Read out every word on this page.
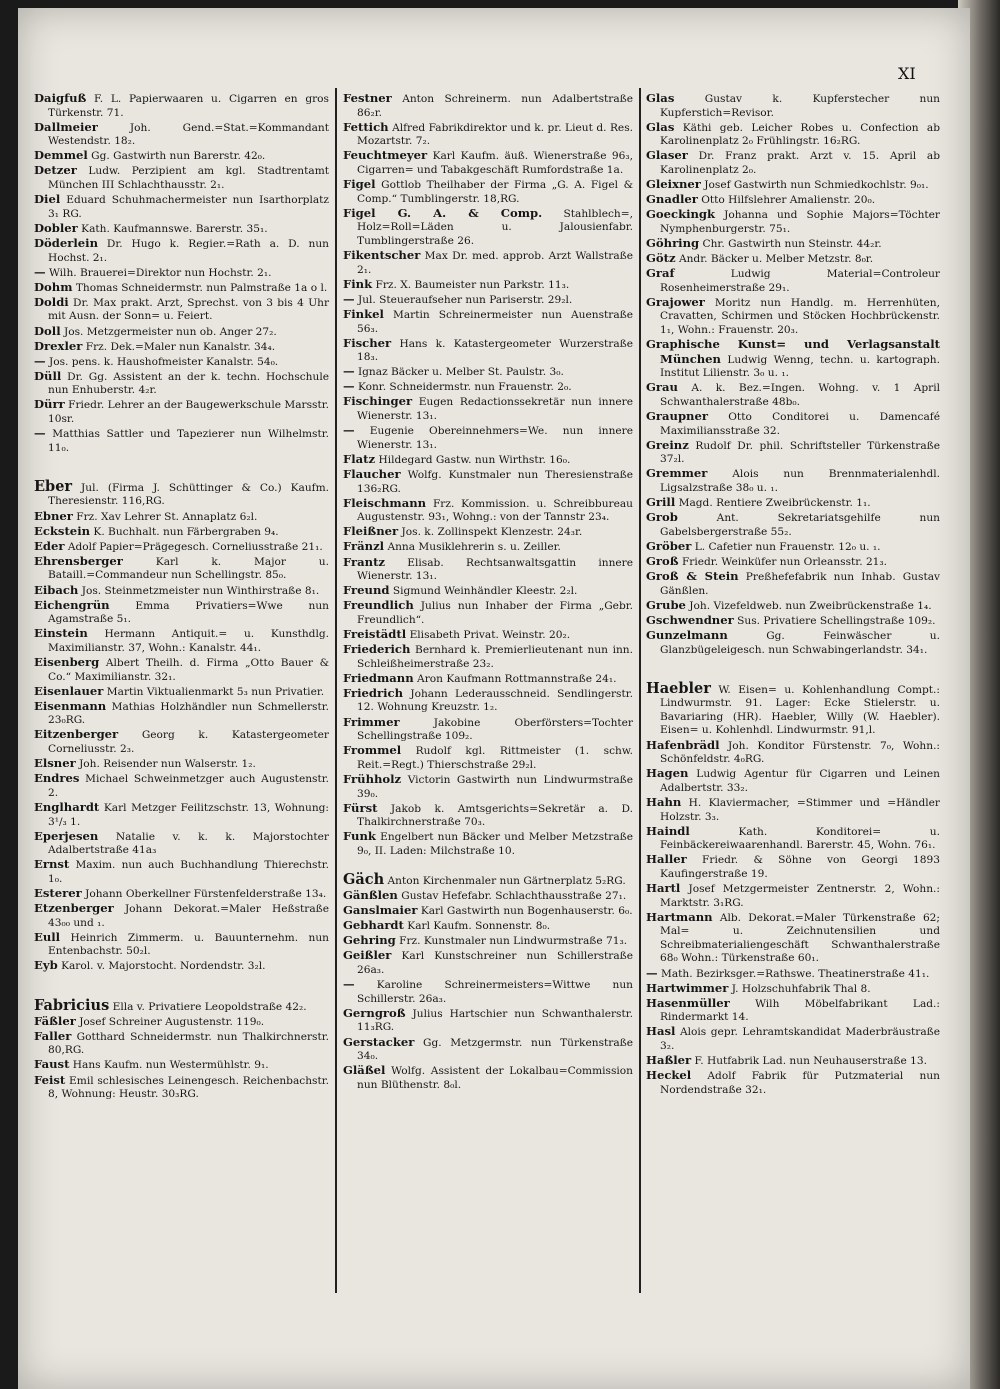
XI
Daigfuß F. L. Papierwaaren u. Cigarren en gros Türkenstr. 71.
Dallmeier	Joh. Gend.=Stat.=Kommandant Westendstr. 18₂.
Demmel Gg. Gastwirth nun Barerstr. 42₀.
Detzer Ludw. Perzipient am kgl. Stadtrentamt München III Schlachthausstr. 2₁.
Diel Eduard Schuhmachermeister nun Isarthorplatz 3₁ RG.
Dobler Kath. Kaufmannswe. Barerstr. 35₁.
Döderlein Dr. Hugo k. Regier.=Rath a. D. nun Hochst. 2₁.
— Wilh. Brauerei=Direktor nun Hochstr. 2₁.
Dohm Thomas Schneidermstr. nun Palmstraße 1a o l.
Doldi Dr. Max prakt. Arzt, Sprechst. von 3 bis 4 Uhr mit Ausn. der Sonn= u. Feiert.
Doll Jos. Metzgermeister nun ob. Anger 27₂.
Drexler Frz. Dek.=Maler nun Kanalstr. 34₄.
— Jos. pens. k. Haushofmeister Kanalstr. 54₀.
Düll Dr. Gg. Assistent an der k. techn. Hochschule nun Enhuberstr. 4₂r.
Dürr Friedr. Lehrer an der Baugewerkschule Marsstr. 10sr.
— Matthias Sattler und Tapezierer nun Wilhelmstr. 11₀.
Eber Jul. (Firma J. Schüttinger & Co.) Kaufm. Theresienstr. 116,RG.
Ebner Frz. Xav Lehrer St. Annaplatz 6₂l.
Eckstein K. Buchhalt. nun Färbergraben 9₄.
Eder Adolf Papier=Prägegesch. Corneliusstraße 21₁.
Ehrensberger	Karl k. Major u. Bataill.=Commandeur nun Schellingstr. 85₀.
Eibach Jos. Steinmetzmeister nun Winthirstraße 8₁.
Eichengrün Emma Privatiers=Wwe nun Agamstraße 5₁.
Einstein Hermann Antiquit.= u. Kunsthdlg. Maximilianstr. 37, Wohn.: Kanalstr. 44₁.
Eisenberg Albert Theilh. d. Firma „Otto Bauer & Co.“ Maximilianstr. 32₁.
Eisenlauer Martin Viktualienmarkt 5₃ nun Privatier.
Eisenmann Mathias Holzhändler nun Schmellerstr. 23₀RG.
Eitzenberger Georg k. Katastergeometer Corneliusstr. 2₃.
Elsner Joh. Reisender nun Walserstr. 1₂.
Endres Michael Schweinmetzger auch Augustenstr. 2.
Englhardt Karl Metzger Feilitzschstr. 13, Wohnung: 3¹/₃ 1.
Eperjesen Natalie v. k. k. Majorstochter Adalbertstraße 41a₃
Ernst Maxim. nun auch Buchhandlung Thierechstr. 1₀.
Esterer Johann Oberkellner Fürstenfelderstraße 13₄.
Etzenberger Johann Dekorat.=Maler Heßstraße 43₀₀ und ₁.
Eull Heinrich Zimmerm. u. Bauunternehm. nun Entenbachstr. 50₂l.
Eyb Karol. v. Majorstocht. Nordendstr. 3₂l.
Fabricius Ella v. Privatiere Leopoldstraße 42₂.
Fäßler Josef Schreiner Augustenstr. 119₀.
Faller Gotthard Schneidermstr. nun Thalkirchnerstr. 80,RG.
Faust Hans Kaufm. nun Westermühlstr. 9₁.
Feist Emil schlesisches Leinengesch. Reichenbachstr. 8, Wohnung: Heustr. 30₃RG.
Festner Anton Schreinerm. nun Adalbertstraße 86₂r.
Fettich Alfred Fabrikdirektor und k. pr. Lieut d. Res. Mozartstr. 7₂.
Feuchtmeyer Karl Kaufm. äuß. Wienerstraße 96₃, Cigarren= und Tabakgeschäft Rumfordstraße 1a.
Figel Gottlob Theilhaber der Firma „G. A. Figel & Comp.“ Tumblingerstr. 18,RG.
Figel G. A. & Comp. Stahlblech=, Holz=Roll=Läden u. Jalousienfabr. Tumblingerstraße 26.
Fikentscher Max Dr. med. approb. Arzt Wallstraße 2₁.
Fink Frz. X. Baumeister nun Parkstr. 11₃.
— Jul. Steueraufseher nun Pariserstr. 29₂l.
Finkel Martin Schreinermeister nun Auenstraße 56₃.
Fischer Hans k. Katastergeometer Wurzerstraße 18₃.
— Ignaz Bäcker u. Melber St. Paulstr. 3₀.
— Konr. Schneidermstr. nun Frauenstr. 2₀.
Fischinger Eugen Redactionssekretär nun innere Wienerstr. 13₁.
— Eugenie Obereinnehmers=We. nun innere Wienerstr. 13₁.
Flatz Hildegard Gastw. nun Wirthstr. 16₀.
Flaucher Wolfg. Kunstmaler nun Theresienstraße 136₂RG.
Fleischmann Frz. Kommission. u. Schreibbureau Augustenstr. 93₁, Wohng.: von der Tannstr 23₄.
Fleißner Jos. k. Zollinspekt Klenzestr. 24₃r.
Fränzl Anna Musiklehrerin s. u. Zeiller.
Frantz Elisab. Rechtsanwaltsgattin innere Wienerstr. 13₁.
Freund Sigmund Weinhändler Kleestr. 2₂l.
Freundlich Julius nun Inhaber der Firma „Gebr. Freundlich“.
Freistädtl Elisabeth Privat. Weinstr. 20₂.
Friederich Bernhard k. Premierlieutenant nun inn. Schleißheimerstraße 23₂.
Friedmann Aron Kaufmann Rottmannstraße 24₁.
Friedrich Johann Lederausschneid. Sendlingerstr. 12. Wohnung Kreuzstr. 1₂.
Frimmer	Jakobine Oberförsters=Tochter Schellingstraße 109₂.
Frommel Rudolf kgl. Rittmeister (1. schw. Reit.=Regt.) Thierschstraße 29₂l.
Frühholz Victorin Gastwirth nun Lindwurmstraße 39₀.
Fürst Jakob k. Amtsgerichts=Sekretär a. D. Thalkirchnerstraße 70₃.
Funk Engelbert nun Bäcker und Melber Metzstraße 9₀, II. Laden: Milchstraße 10.
Gäch Anton Kirchenmaler nun Gärtnerplatz 5₂RG.
Gänßlen Gustav Hefefabr. Schlachthausstraße 27₁.
Ganslmaier Karl Gastwirth nun Bogenhauserstr. 6₀.
Gebhardt Karl Kaufm. Sonnenstr. 8₀.
Gehring Frz. Kunstmaler nun Lindwurmstraße 71₃.
Geißler Karl Kunstschreiner nun Schillerstraße 26a₃.
— Karoline Schreinermeisters=Wittwe nun Schillerstr. 26a₃.
Gerngroß Julius Hartschier nun Schwanthalerstr. 11₃RG.
Gerstacker Gg. Metzgermstr. nun Türkenstraße 34₀.
Gläßel Wolfg. Assistent der Lokalbau=Commission nun Blüthenstr. 8₀l.
Glas	Gustav k. Kupferstecher nun Kupferstich=Revisor.
Glas Käthi geb. Leicher Robes u. Confection ab Karolinenplatz 2₀ Frühlingstr. 16₂RG.
Glaser Dr. Franz prakt. Arzt v. 15. April ab Karolinenplatz 2₀.
Gleixner Josef Gastwirth nun Schmiedkochlstr. 9₀₁.
Gnadler Otto Hilfslehrer Amalienstr. 20₀.
Goeckingk Johanna und Sophie Majors=Töchter Nymphenburgerstr. 75₁.
Göhring Chr. Gastwirth nun Steinstr. 44₂r.
Götz Andr. Bäcker u. Melber Metzstr. 8₀r.
Graf	Ludwig Material=Controleur Rosenheimerstraße 29₁.
Grajower Moritz nun Handlg. m. Herrenhüten, Cravatten, Schirmen und Stöcken Hochbrückenstr. 1₁, Wohn.: Frauenstr. 20₃.
Graphische Kunst= und Verlagsanstalt München Ludwig Wenng, techn. u. kartograph. Institut Lilienstr. 3₀ u. ₁.
Grau A. k. Bez.=Ingen. Wohng. v. 1 April Schwanthalerstraße 48b₀.
Graupner Otto Conditorei u. Damencafé Maximiliansstraße 32.
Greinz Rudolf Dr. phil. Schriftsteller Türkenstraße 37₂l.
Gremmer Alois nun Brennmaterialenhdl. Ligsalzstraße 38₀ u. ₁.
Grill Magd. Rentiere Zweibrückenstr. 1₁.
Grob	Ant. Sekretariatsgehilfe nun Gabelsbergerstraße 55₂.
Gröber L. Cafetier nun Frauenstr. 12₀ u. ₁.
Groß Friedr. Weinküfer nun Orleansstr. 21₃.
Groß & Stein Preßhefefabrik nun Inhab. Gustav Gänßlen.
Grube Joh. Vizefeldweb. nun Zweibrückenstraße 1₄.
Gschwendner Sus. Privatiere Schellingstraße 109₂.
Gunzelmann	Gg. Feinwäscher u. Glanzbügeleigesch. nun Schwabingerlandstr. 34₁.
Haebler W. Eisen= u. Kohlenhandlung Compt.: Lindwurmstr. 91. Lager: Ecke Stielerstr. u. Bavariaring (HR). Haebler, Willy (W. Haebler). Eisen= u. Kohlenhdl. Lindwurmstr. 91,l.
Hafenbrädl Joh. Konditor Fürstenstr. 7₀, Wohn.: Schönfeldstr. 4₀RG.
Hagen Ludwig Agentur für Cigarren und Leinen Adalbertstr. 33₂.
Hahn H. Klaviermacher, =Stimmer und =Händler Holzstr. 3₃.
Haindl	Kath. Konditorei= u. Feinbäckereiwaarenhandl. Barerstr. 45, Wohn. 76₁.
Haller Friedr. & Söhne von Georgi 1893 Kaufingerstraße 19.
Hartl Josef Metzgermeister Zentnerstr. 2, Wohn.: Marktstr. 3₁RG.
Hartmann Alb. Dekorat.=Maler Türkenstraße 62; Mal= u. Zeichnutensilien und Schreibmaterialiengeschäft Schwanthalerstraße 68₀ Wohn.: Türkenstraße 60₁.
— Math. Bezirksger.=Rathswe. Theatinerstraße 41₁.
Hartwimmer J. Holzschuhfabrik Thal 8.
Hasenmüller Wilh Möbelfabrikant Lad.: Rindermarkt 14.
Hasl Alois gepr. Lehramtskandidat Maderbräustraße 3₂.
Haßler F. Hutfabrik Lad. nun Neuhauserstraße 13.
Heckel Adolf Fabrik für Putzmaterial nun Nordendstraße 32₁.
